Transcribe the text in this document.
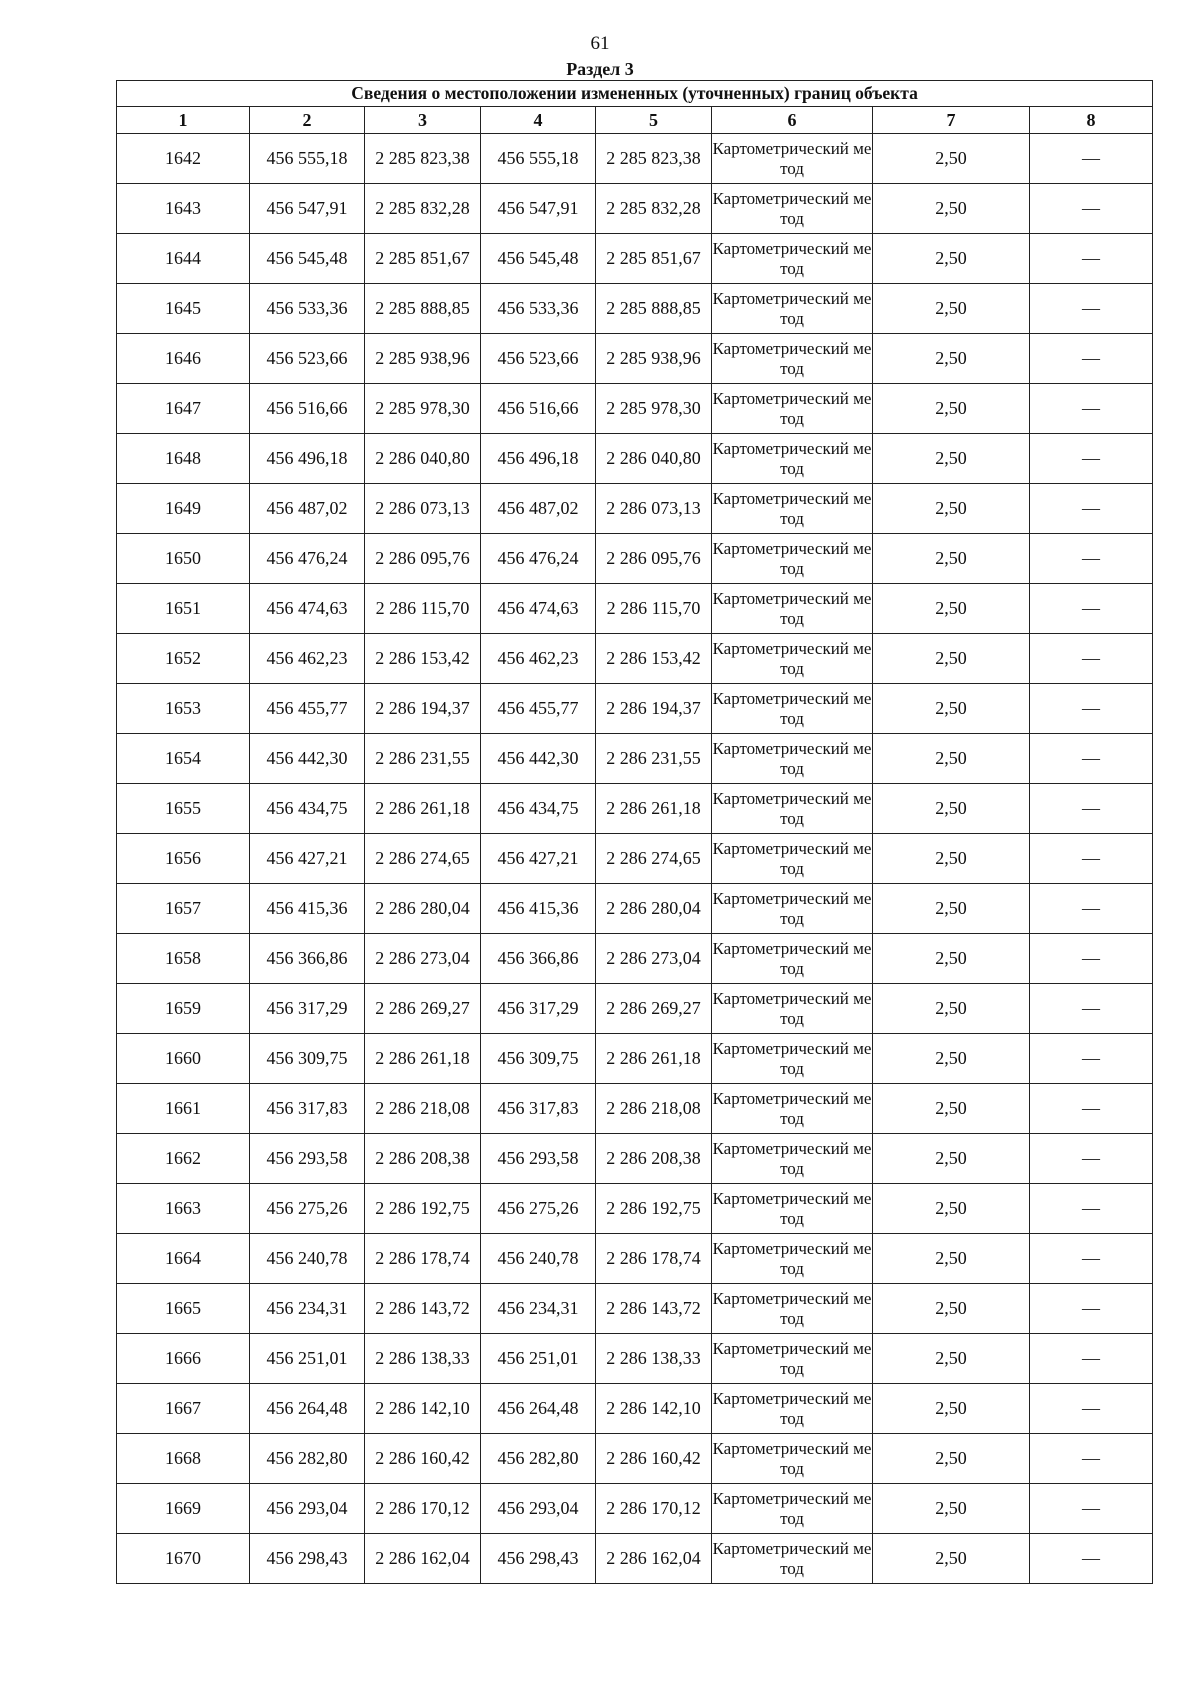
61
Раздел 3
Сведения о местоположении измененных (уточненных) границ объекта							
1	2	3	4	5	6	7	8
1642	456 555,18	2 285 823,38	456 555,18	2 285 823,38	Картометрический метод	2,50	—
1643	456 547,91	2 285 832,28	456 547,91	2 285 832,28	Картометрический метод	2,50	—
1644	456 545,48	2 285 851,67	456 545,48	2 285 851,67	Картометрический метод	2,50	—
1645	456 533,36	2 285 888,85	456 533,36	2 285 888,85	Картометрический метод	2,50	—
1646	456 523,66	2 285 938,96	456 523,66	2 285 938,96	Картометрический метод	2,50	—
1647	456 516,66	2 285 978,30	456 516,66	2 285 978,30	Картометрический метод	2,50	—
1648	456 496,18	2 286 040,80	456 496,18	2 286 040,80	Картометрический метод	2,50	—
1649	456 487,02	2 286 073,13	456 487,02	2 286 073,13	Картометрический метод	2,50	—
1650	456 476,24	2 286 095,76	456 476,24	2 286 095,76	Картометрический метод	2,50	—
1651	456 474,63	2 286 115,70	456 474,63	2 286 115,70	Картометрический метод	2,50	—
1652	456 462,23	2 286 153,42	456 462,23	2 286 153,42	Картометрический метод	2,50	—
1653	456 455,77	2 286 194,37	456 455,77	2 286 194,37	Картометрический метод	2,50	—
1654	456 442,30	2 286 231,55	456 442,30	2 286 231,55	Картометрический метод	2,50	—
1655	456 434,75	2 286 261,18	456 434,75	2 286 261,18	Картометрический метод	2,50	—
1656	456 427,21	2 286 274,65	456 427,21	2 286 274,65	Картометрический метод	2,50	—
1657	456 415,36	2 286 280,04	456 415,36	2 286 280,04	Картометрический метод	2,50	—
1658	456 366,86	2 286 273,04	456 366,86	2 286 273,04	Картометрический метод	2,50	—
1659	456 317,29	2 286 269,27	456 317,29	2 286 269,27	Картометрический метод	2,50	—
1660	456 309,75	2 286 261,18	456 309,75	2 286 261,18	Картометрический метод	2,50	—
1661	456 317,83	2 286 218,08	456 317,83	2 286 218,08	Картометрический метод	2,50	—
1662	456 293,58	2 286 208,38	456 293,58	2 286 208,38	Картометрический метод	2,50	—
1663	456 275,26	2 286 192,75	456 275,26	2 286 192,75	Картометрический метод	2,50	—
1664	456 240,78	2 286 178,74	456 240,78	2 286 178,74	Картометрический метод	2,50	—
1665	456 234,31	2 286 143,72	456 234,31	2 286 143,72	Картометрический метод	2,50	—
1666	456 251,01	2 286 138,33	456 251,01	2 286 138,33	Картометрический метод	2,50	—
1667	456 264,48	2 286 142,10	456 264,48	2 286 142,10	Картометрический метод	2,50	—
1668	456 282,80	2 286 160,42	456 282,80	2 286 160,42	Картометрический метод	2,50	—
1669	456 293,04	2 286 170,12	456 293,04	2 286 170,12	Картометрический метод	2,50	—
1670	456 298,43	2 286 162,04	456 298,43	2 286 162,04	Картометрический метод	2,50	—
